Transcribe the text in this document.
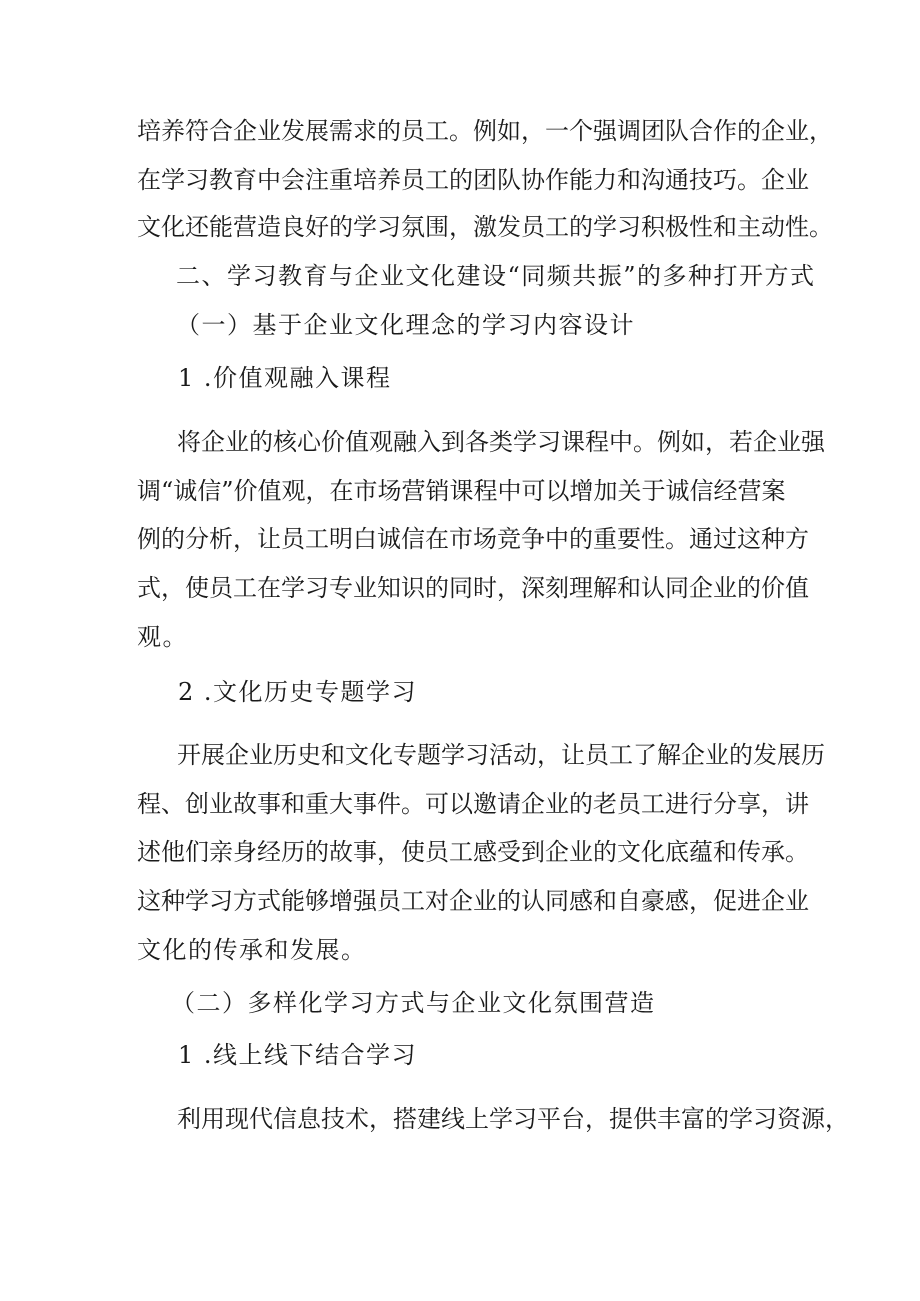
培养符合企业发展需求的员工。例如，一个强调团队合作的企业，
在学习教育中会注重培养员工的团队协作能力和沟通技巧。企业
文化还能营造良好的学习氛围，激发员工的学习积极性和主动性。
二、学习教育与企业文化建设“同频共振”的多种打开方式
（一）基于企业文化理念的学习内容设计
1 .价值观融入课程
将企业的核心价值观融入到各类学习课程中。例如，若企业强
调“诚信”价值观，在市场营销课程中可以增加关于诚信经营案
例的分析，让员工明白诚信在市场竞争中的重要性。通过这种方
式，使员工在学习专业知识的同时，深刻理解和认同企业的价值
观。
2 .文化历史专题学习
开展企业历史和文化专题学习活动，让员工了解企业的发展历
程、创业故事和重大事件。可以邀请企业的老员工进行分享，讲
述他们亲身经历的故事，使员工感受到企业的文化底蕴和传承。
这种学习方式能够增强员工对企业的认同感和自豪感，促进企业
文化的传承和发展。
（二）多样化学习方式与企业文化氛围营造
1 .线上线下结合学习
利用现代信息技术，搭建线上学习平台，提供丰富的学习资源，
